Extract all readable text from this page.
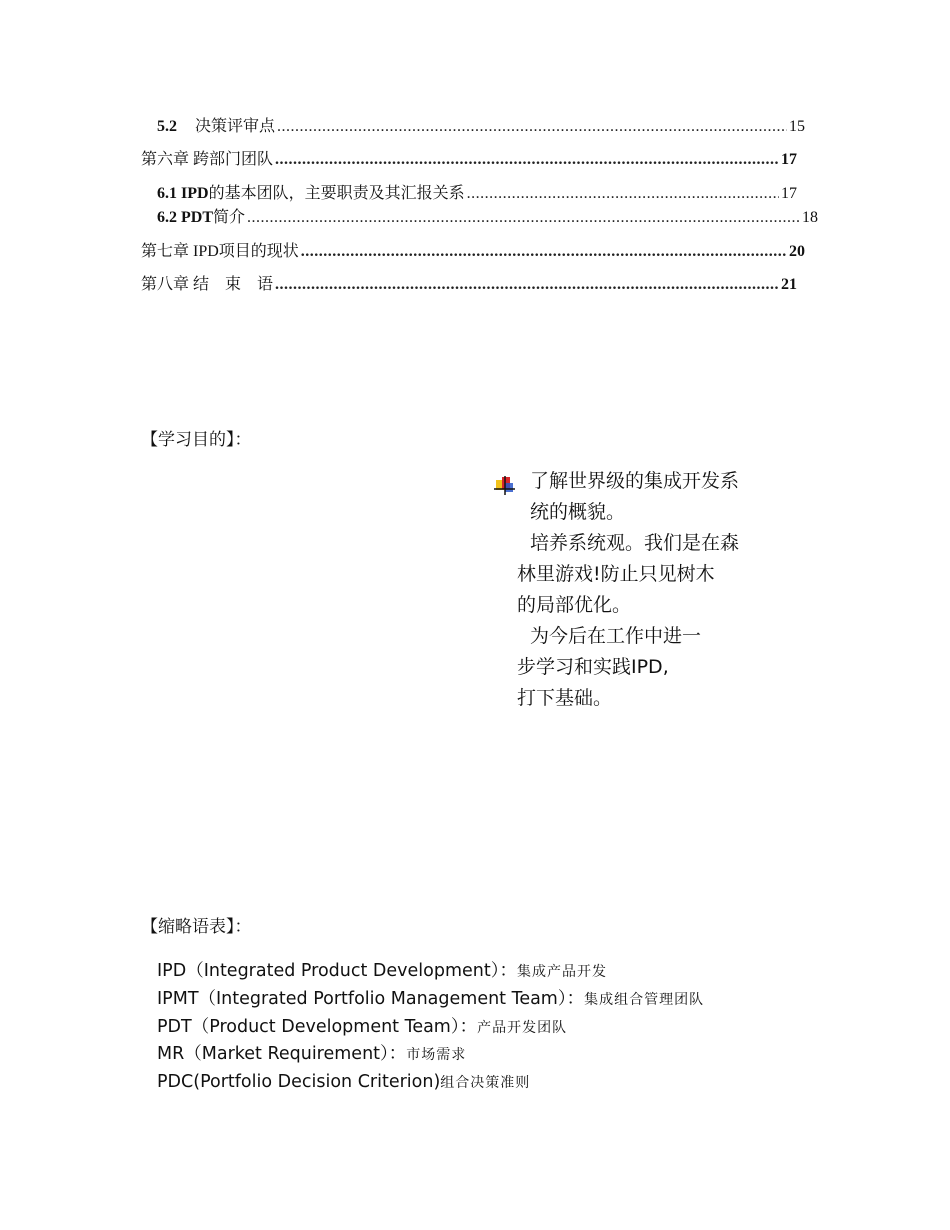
5.2 决策评审点 .....	15
第六章 跨部门团队 .....	17
6.1 IPD 的基本团队，主要职责及其汇报关系 .....	17
6.2 PDT 简介 .....	18
第七章 IPD项目的现状 .....	20
第八章 结　束　语 .....	21
【学习目的】：

了解世界级的集成开发系

统的概貌。

培养系统观。我们是在森

林里游戏!防止只见树木

的局部优化。

为今后在工作中进一

步学习和实践IPD,

打下基础。

【缩略语表】：
IPD（Integrated Product Development）：集成产品开发
IPMT（Integrated Portfolio Management Team）：集成组合管理团队
PDT（Product Development Team）：产品开发团队
MR（Market Requirement）：市场需求
PDC(Portfolio Decision Criterion)组合决策准则
